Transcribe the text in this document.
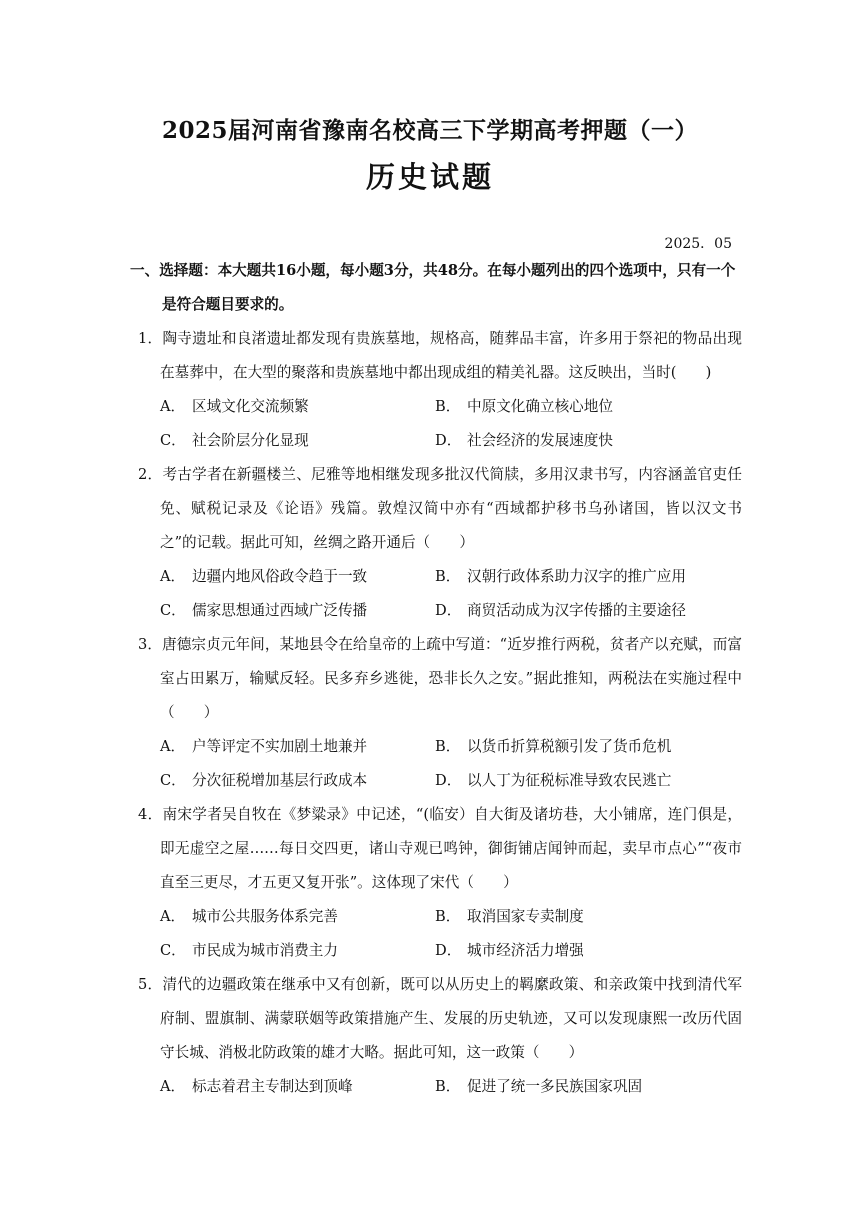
2025届河南省豫南名校高三下学期高考押题（一）
历史试题
2025．05

一、选择题：本大题共16小题，每小题3分，共48分。在每小题列出的四个选项中，只有一个是符合题目要求的。

1．陶寺遗址和良渚遗址都发现有贵族墓地，规格高，随葬品丰富，许多用于祭祀的物品出现在墓葬中，在大型的聚落和贵族墓地中都出现成组的精美礼器。这反映出，当时(　　)

A． 区域文化交流频繁	B． 中原文化确立核心地位
C． 社会阶层分化显现	D． 社会经济的发展速度快

2．考古学者在新疆楼兰、尼雅等地相继发现多批汉代简牍，多用汉隶书写，内容涵盖官吏任免、赋税记录及《论语》残篇。敦煌汉简中亦有“西域都护移书乌孙诸国，皆以汉文书之”的记载。据此可知，丝绸之路开通后（　　）

A． 边疆内地风俗政令趋于一致	B． 汉朝行政体系助力汉字的推广应用
C． 儒家思想通过西域广泛传播	D． 商贸活动成为汉字传播的主要途径

3．唐德宗贞元年间，某地县令在给皇帝的上疏中写道：“近岁推行两税，贫者产以充赋，而富室占田累万，输赋反轻。民多弃乡逃徙，恐非长久之安。”据此推知，两税法在实施过程中（　　）

A． 户等评定不实加剧土地兼并	B． 以货币折算税额引发了货币危机
C． 分次征税增加基层行政成本	D． 以人丁为征税标准导致农民逃亡

4．南宋学者吴自牧在《梦粱录》中记述，“(临安）自大街及诸坊巷，大小铺席，连门俱是，即无虚空之屋……每日交四更，诸山寺观已鸣钟，御街铺店闻钟而起，卖早市点心”“夜市直至三更尽，才五更又复开张”。这体现了宋代（　　）

A． 城市公共服务体系完善	B． 取消国家专卖制度
C． 市民成为城市消费主力	D． 城市经济活力增强

5．清代的边疆政策在继承中又有创新，既可以从历史上的羁縻政策、和亲政策中找到清代军府制、盟旗制、满蒙联姻等政策措施产生、发展的历史轨迹，又可以发现康熙一改历代固守长城、消极北防政策的雄才大略。据此可知，这一政策（　　）

A． 标志着君主专制达到顶峰	B． 促进了统一多民族国家巩固
